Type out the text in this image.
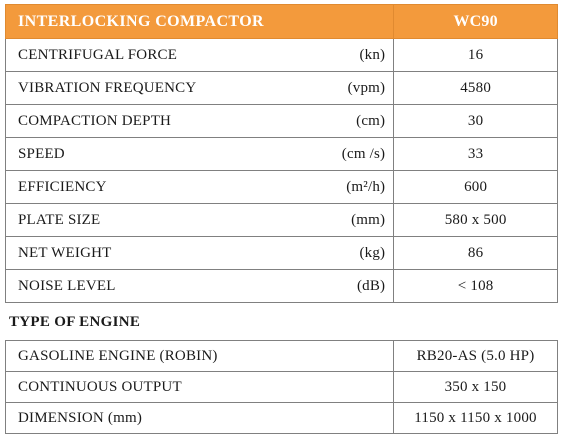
INTERLOCKING COMPACTOR	WC90
CENTRIFUGAL FORCE (kn)	16
VIBRATION FREQUENCY (vpm)	4580
COMPACTION DEPTH (cm)	30
SPEED (cm /s)	33
EFFICIENCY (m²/h)	600
PLATE SIZE (mm)	580 x 500
NET WEIGHT (kg)	86
NOISE LEVEL (dB)	< 108
TYPE OF ENGINE
GASOLINE ENGINE (ROBIN)	RB20-AS (5.0 HP)
CONTINUOUS OUTPUT	350 x 150
DIMENSION (mm)	1150 x 1150 x 1000
